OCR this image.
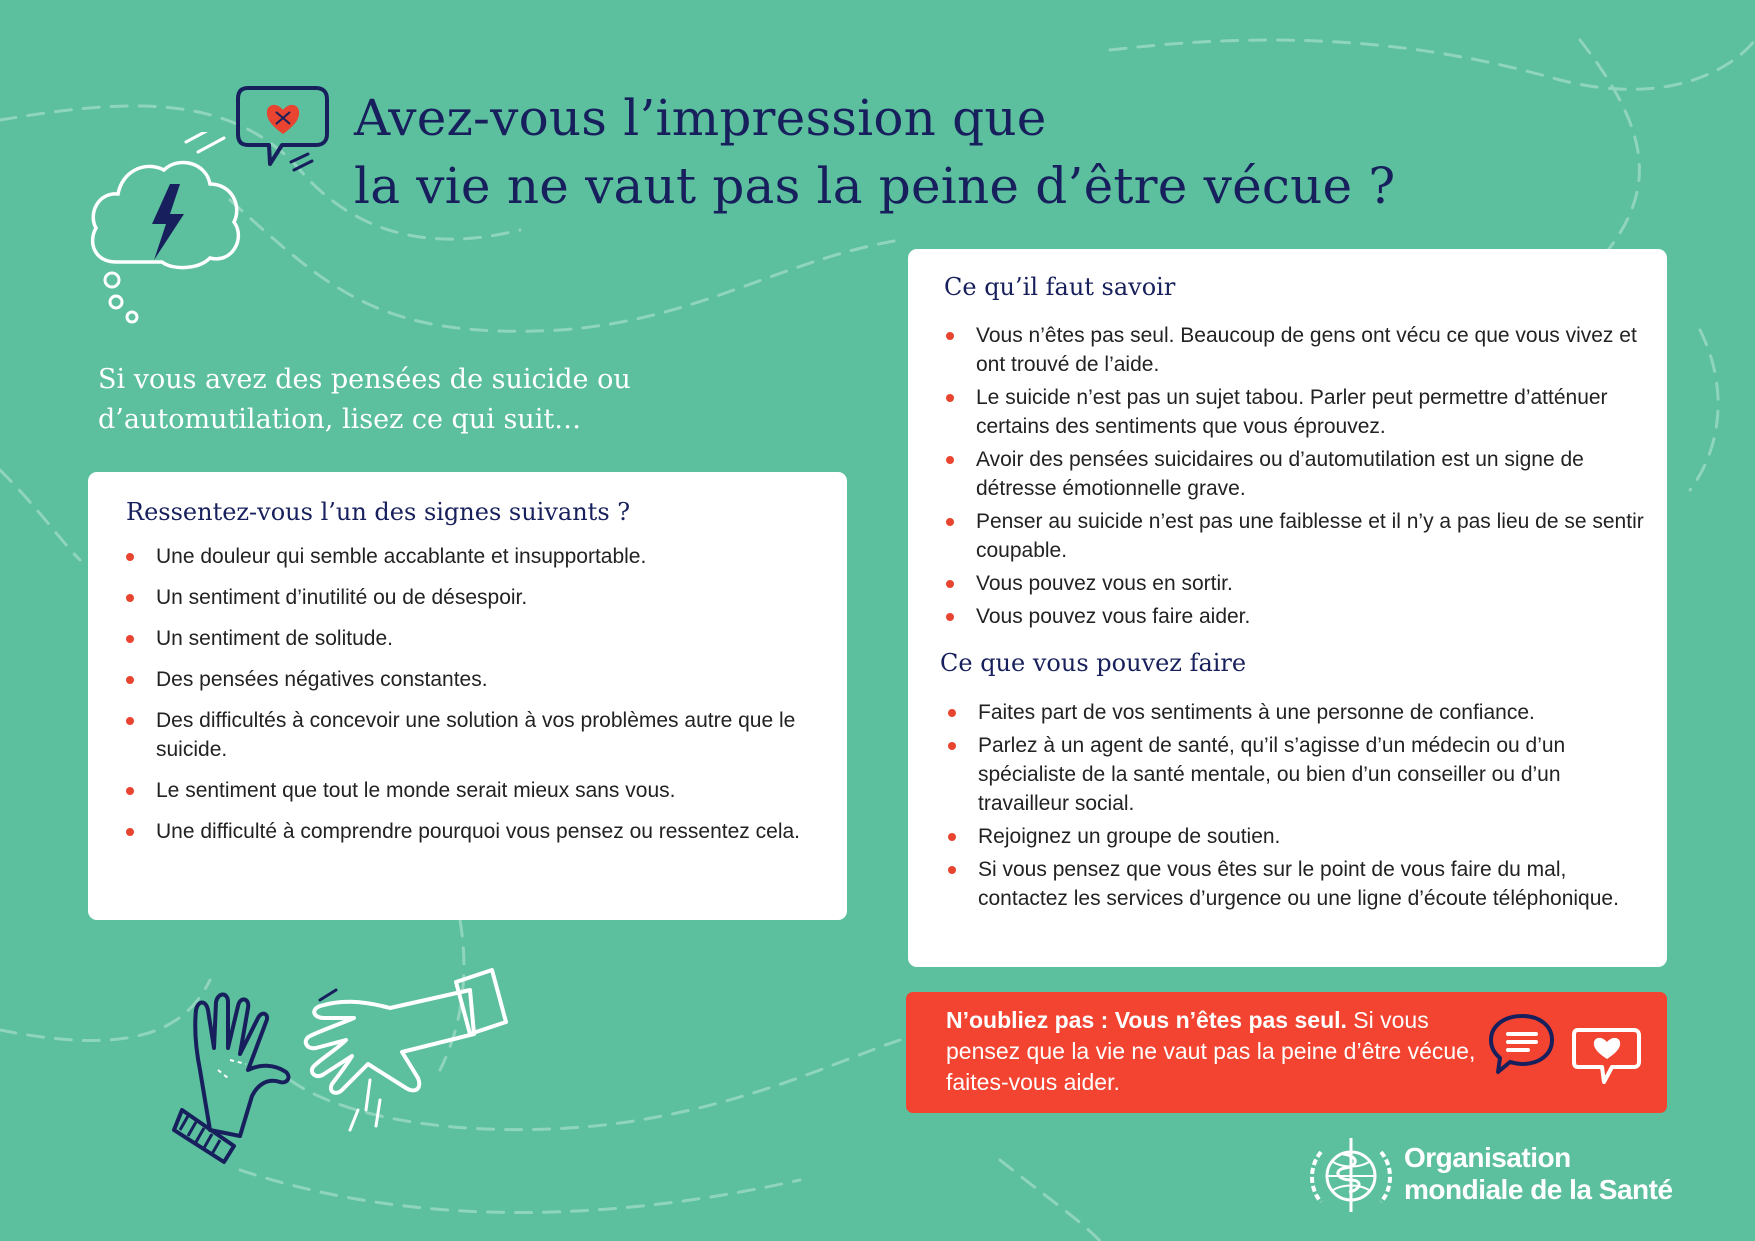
Avez-vous l’impression que
la vie ne vaut pas la peine d’être vécue ?

Si vous avez des pensées de suicide ou
d’automutilation, lisez ce qui suit…

Ressentez-vous l’un des signes suivants ?
Une douleur qui semble accablante et insupportable.
Un sentiment d’inutilité ou de désespoir.
Un sentiment de solitude.
Des pensées négatives constantes.
Des difficultés à concevoir une solution à vos problèmes autre que le suicide.
Le sentiment que tout le monde serait mieux sans vous.
Une difficulté à comprendre pourquoi vous pensez ou ressentez cela.
Ce qu’il faut savoir
Vous n’êtes pas seul. Beaucoup de gens ont vécu ce que vous vivez et ont trouvé de l’aide.
Le suicide n’est pas un sujet tabou. Parler peut permettre d’atténuer certains des sentiments que vous éprouvez.
Avoir des pensées suicidaires ou d’automutilation est un signe de détresse émotionnelle grave.
Penser au suicide n’est pas une faiblesse et il n’y a pas lieu de se sentir coupable.
Vous pouvez vous en sortir.
Vous pouvez vous faire aider.
Ce que vous pouvez faire
Faites part de vos sentiments à une personne de confiance.
Parlez à un agent de santé, qu’il s’agisse d’un médecin ou d’un spécialiste de la santé mentale, ou bien d’un conseiller ou d’un travailleur social.
Rejoignez un groupe de soutien.
Si vous pensez que vous êtes sur le point de vous faire du mal, contactez les services d’urgence ou une ligne d’écoute téléphonique.

N’oubliez pas : Vous n’êtes pas seul. Si vous pensez que la vie ne vaut pas la peine d’être vécue, faites-vous aider.

Organisation
mondiale de la Santé
